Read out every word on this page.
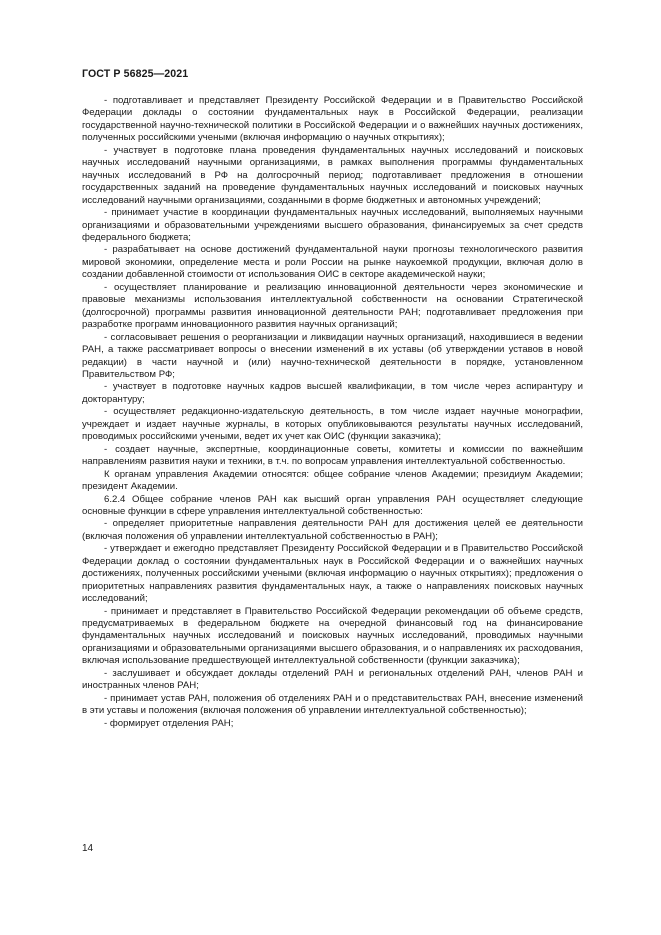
ГОСТ Р 56825—2021

- подготавливает и представляет Президенту Российской Федерации и в Правительство Российской Федерации доклады о состоянии фундаментальных наук в Российской Федерации, реализации государственной научно-технической политики в Российской Федерации и о важнейших научных достижениях, полученных российскими учеными (включая информацию о научных открытиях);

- участвует в подготовке плана проведения фундаментальных научных исследований и поисковых научных исследований научными организациями, в рамках выполнения программы фундаментальных научных исследований в РФ на долгосрочный период; подготавливает предложения в отношении государственных заданий на проведение фундаментальных научных исследований и поисковых научных исследований научными организациями, созданными в форме бюджетных и автономных учреждений;

- принимает участие в координации фундаментальных научных исследований, выполняемых научными организациями и образовательными учреждениями высшего образования, финансируемых за счет средств федерального бюджета;

- разрабатывает на основе достижений фундаментальной науки прогнозы технологического развития мировой экономики, определение места и роли России на рынке наукоемкой продукции, включая долю в создании добавленной стоимости от использования ОИС в секторе академической науки;

- осуществляет планирование и реализацию инновационной деятельности через экономические и правовые механизмы использования интеллектуальной собственности на основании Стратегической (долгосрочной) программы развития инновационной деятельности РАН; подготавливает предложения при разработке программ инновационного развития научных организаций;

- согласовывает решения о реорганизации и ликвидации научных организаций, находившиеся в ведении РАН, а также рассматривает вопросы о внесении изменений в их уставы (об утверждении уставов в новой редакции) в части научной и (или) научно-технической деятельности в порядке, установленном Правительством РФ;

- участвует в подготовке научных кадров высшей квалификации, в том числе через аспирантуру и докторантуру;

- осуществляет редакционно-издательскую деятельность, в том числе издает научные монографии, учреждает и издает научные журналы, в которых опубликовываются результаты научных исследований, проводимых российскими учеными, ведет их учет как ОИС (функции заказчика);

- создает научные, экспертные, координационные советы, комитеты и комиссии по важнейшим направлениям развития науки и техники, в т.ч. по вопросам управления интеллектуальной собственностью.

К органам управления Академии относятся: общее собрание членов Академии; президиум Академии; президент Академии.

6.2.4 Общее собрание членов РАН как высший орган управления РАН осуществляет следующие основные функции в сфере управления интеллектуальной собственностью:

- определяет приоритетные направления деятельности РАН для достижения целей ее деятельности (включая положения об управлении интеллектуальной собственностью в РАН);

- утверждает и ежегодно представляет Президенту Российской Федерации и в Правительство Российской Федерации доклад о состоянии фундаментальных наук в Российской Федерации и о важнейших научных достижениях, полученных российскими учеными (включая информацию о научных открытиях); предложения о приоритетных направлениях развития фундаментальных наук, а также о направлениях поисковых научных исследований;

- принимает и представляет в Правительство Российской Федерации рекомендации об объеме средств, предусматриваемых в федеральном бюджете на очередной финансовый год на финансирование фундаментальных научных исследований и поисковых научных исследований, проводимых научными организациями и образовательными организациями высшего образования, и о направлениях их расходования, включая использование предшествующей интеллектуальной собственности (функции заказчика);

- заслушивает и обсуждает доклады отделений РАН и региональных отделений РАН, членов РАН и иностранных членов РАН;

- принимает устав РАН, положения об отделениях РАН и о представительствах РАН, внесение изменений в эти уставы и положения (включая положения об управлении интеллектуальной собственностью);

- формирует отделения РАН;

14
